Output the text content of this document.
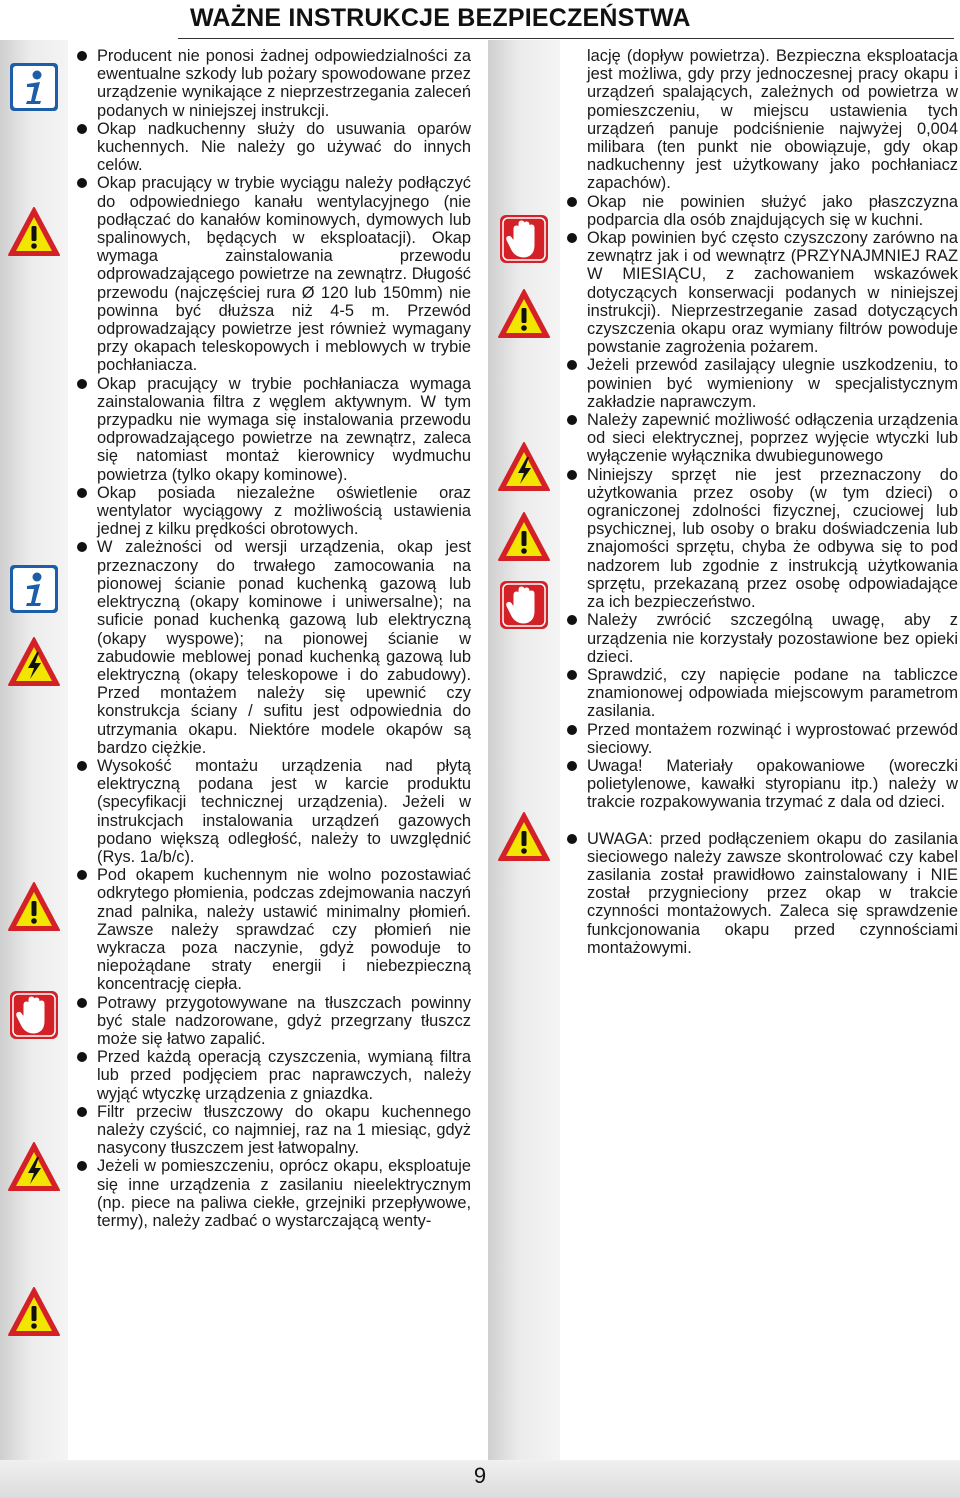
WAŻNE INSTRUKCJE BEZPIECZEŃSTWA
Producent nie ponosi żadnej odpowiedzialności za ewentualne szkody lub pożary spowodowane przez urządzenie wynikające z nieprzestrzegania zaleceń podanych w niniejszej instrukcji.
Okap nadkuchenny służy do usuwania oparów kuchennych. Nie należy go używać do innych celów.
Okap pracujący w trybie wyciągu należy podłączyć do odpowiedniego kanału wentylacyjnego (nie podłączać do kanałów kominowych, dymowych lub spalinowych, będących w eksploatacji). Okap wymaga zainstalowania przewodu odprowadzającego powietrze na zewnątrz. Długość przewodu (najczęściej rura Ø 120 lub 150mm) nie powinna być dłuższa niż 4-5 m. Przewód odprowadzający powietrze jest również wymagany przy okapach teleskopowych i meblowych w trybie pochłaniacza.
Okap pracujący w trybie pochłaniacza wymaga zainstalowania filtra z węglem aktywnym. W tym przypadku nie wymaga się instalowania przewodu odprowadzającego powietrze na zewnątrz, zaleca się natomiast montaż kierownicy wydmuchu powietrza (tylko okapy kominowe).
Okap posiada niezależne oświetlenie oraz wentylator wyciągowy z możliwością ustawienia jednej z kilku prędkości obrotowych.
W zależności od wersji urządzenia, okap jest przeznaczony do trwałego zamocowania na pionowej ścianie ponad kuchenką gazową lub elektryczną (okapy kominowe i uniwersalne); na suficie ponad kuchenką gazową lub elektryczną (okapy wyspowe); na pionowej ścianie w zabudowie meblowej ponad kuchenką gazową lub elektryczną (okapy teleskopowe i do zabudowy). Przed montażem należy się upewnić czy konstrukcja ściany / sufitu jest odpowiednia do utrzymania okapu. Niektóre modele okapów są bardzo ciężkie.
Wysokość montażu urządzenia nad płytą elektryczną podana jest w karcie produktu (specyfikacji technicznej urządzenia). Jeżeli w instrukcjach instalowania urządzeń gazowych podano większą odległość, należy to uwzględnić (Rys. 1a/b/c).
Pod okapem kuchennym nie wolno pozostawiać odkrytego płomienia, podczas zdejmowania naczyń znad palnika, należy ustawić minimalny płomień. Zawsze należy sprawdzać czy płomień nie wykracza poza naczynie, gdyż powoduje to niepożądane straty energii i niebezpieczną koncentrację ciepła.
Potrawy przygotowywane na tłuszczach powinny być stale nadzorowane, gdyż przegrzany tłuszcz może się łatwo zapalić.
Przed każdą operacją czyszczenia, wymianą filtra lub przed podjęciem prac naprawczych, należy wyjąć wtyczkę urządzenia z gniazdka.
Filtr przeciw tłuszczowy do okapu kuchennego należy czyścić, co najmniej, raz na 1 miesiąc, gdyż nasycony tłuszczem jest łatwopalny.
Jeżeli w pomieszczeniu, oprócz okapu, eksploatuje się inne urządzenia z zasilaniu nieelektrycznym (np. piece na paliwa ciekłe, grzejniki przepływowe, termy), należy zadbać o wystarczającą wenty-
lację (dopływ powietrza). Bezpieczna eksploatacja jest możliwa, gdy przy jednoczesnej pracy okapu i urządzeń spalających, zależnych od powietrza w pomieszczeniu, w miejscu ustawienia tych urządzeń panuje podciśnienie najwyżej 0,004 milibara (ten punkt nie obowiązuje, gdy okap nadkuchenny jest użytkowany jako pochłaniacz zapachów).
Okap nie powinien służyć jako płaszczyzna podparcia dla osób znajdujących się w kuchni.
Okap powinien być często czyszczony zarówno na zewnątrz jak i od wewnątrz (PRZYNAJMNIEJ RAZ W MIESIĄCU, z zachowaniem wskazówek dotyczących konserwacji podanych w niniejszej instrukcji). Nieprzestrzeganie zasad dotyczących czyszczenia okapu oraz wymiany filtrów powoduje powstanie zagrożenia pożarem.
Jeżeli przewód zasilający ulegnie uszkodzeniu, to powinien być wymieniony w specjalistycznym zakładzie naprawczym.
Należy zapewnić możliwość odłączenia urządzenia od sieci elektrycznej, poprzez wyjęcie wtyczki lub wyłączenie wyłącznika dwubiegunowego
Niniejszy sprzęt nie jest przeznaczony do użytkowania przez osoby (w tym dzieci) o ograniczonej zdolności fizycznej, czuciowej lub psychicznej, lub osoby o braku doświadczenia lub znajomości sprzętu, chyba że odbywa się to pod nadzorem lub zgodnie z instrukcją użytkowania sprzętu, przekazaną przez osobę odpowiadające za ich bezpieczeństwo.
Należy zwrócić szczególną uwagę, aby z urządzenia nie korzystały pozostawione bez opieki dzieci.
Sprawdzić, czy napięcie podane na tabliczce znamionowej odpowiada miejscowym parametrom zasilania.
Przed montażem rozwinąć i wyprostować przewód sieciowy.
Uwaga! Materiały opakowaniowe (woreczki polietylenowe, kawałki styropianu itp.) należy w trakcie rozpakowywania trzymać z dala od dzieci.
UWAGA: przed podłączeniem okapu do zasilania sieciowego należy zawsze skontrolować czy kabel zasilania został prawidłowo zainstalowany i NIE został przygnieciony przez okap w trakcie czynności montażowych. Zaleca się sprawdzenie funkcjonowania okapu przed czynnościami montażowymi.
9
